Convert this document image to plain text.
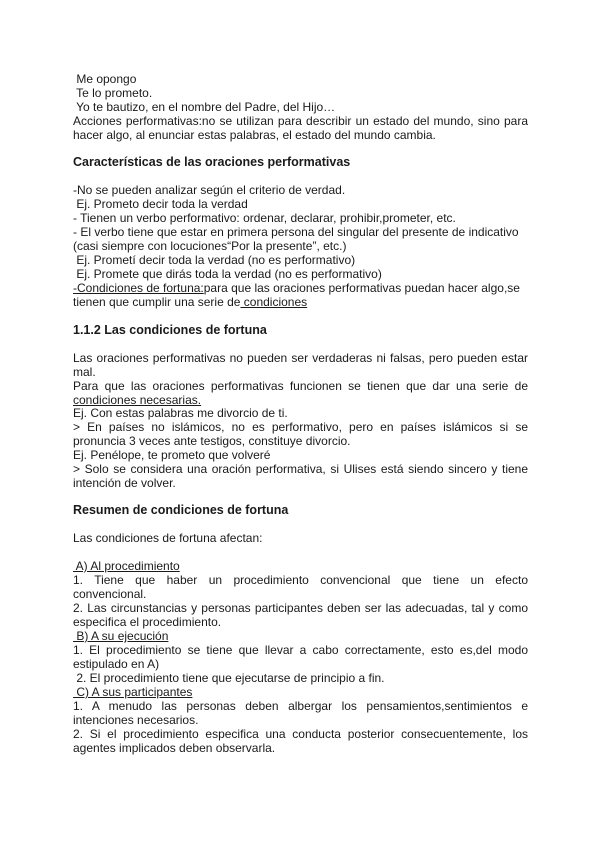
Me opongo
Te lo prometo.
Yo te bautizo, en el nombre del Padre, del Hijo…
Acciones performativas:no se utilizan para describir un estado del mundo, sino para
hacer algo, al enunciar estas palabras, el estado del mundo cambia.
Características de las oraciones performativas
-No se pueden analizar según el criterio de verdad.
Ej. Prometo decir toda la verdad
- Tienen un verbo performativo: ordenar, declarar, prohibir,prometer, etc.
- El verbo tiene que estar en primera persona del singular del presente de indicativo
(casi siempre con locuciones“Por la presente”, etc.)
Ej. Prometí decir toda la verdad (no es performativo)
Ej. Promete que dirás toda la verdad (no es performativo)
-Condiciones de fortuna:para que las oraciones performativas puedan hacer algo,se
tienen que cumplir una serie de condiciones
1.1.2 Las condiciones de fortuna
Las oraciones performativas no pueden ser verdaderas ni falsas, pero pueden estar
mal.
Para que las oraciones performativas funcionen se tienen que dar una serie de
condiciones necesarias.
Ej. Con estas palabras me divorcio de ti.
> En países no islámicos, no es performativo, pero en países islámicos si se
pronuncia 3 veces ante testigos, constituye divorcio.
Ej. Penélope, te prometo que volveré
> Solo se considera una oración performativa, si Ulises está siendo sincero y tiene
intención de volver.
Resumen de condiciones de fortuna
Las condiciones de fortuna afectan:
A) Al procedimiento
1. Tiene que haber un procedimiento convencional que tiene un efecto
convencional.
2. Las circunstancias y personas participantes deben ser las adecuadas, tal y como
especifica el procedimiento.
B) A su ejecución
1. El procedimiento se tiene que llevar a cabo correctamente, esto es,del modo
estipulado en A)
2. El procedimiento tiene que ejecutarse de principio a fin.
C) A sus participantes
1. A menudo las personas deben albergar los pensamientos,sentimientos e
intenciones necesarios.
2. Si el procedimiento especifica una conducta posterior consecuentemente, los
agentes implicados deben observarla.
